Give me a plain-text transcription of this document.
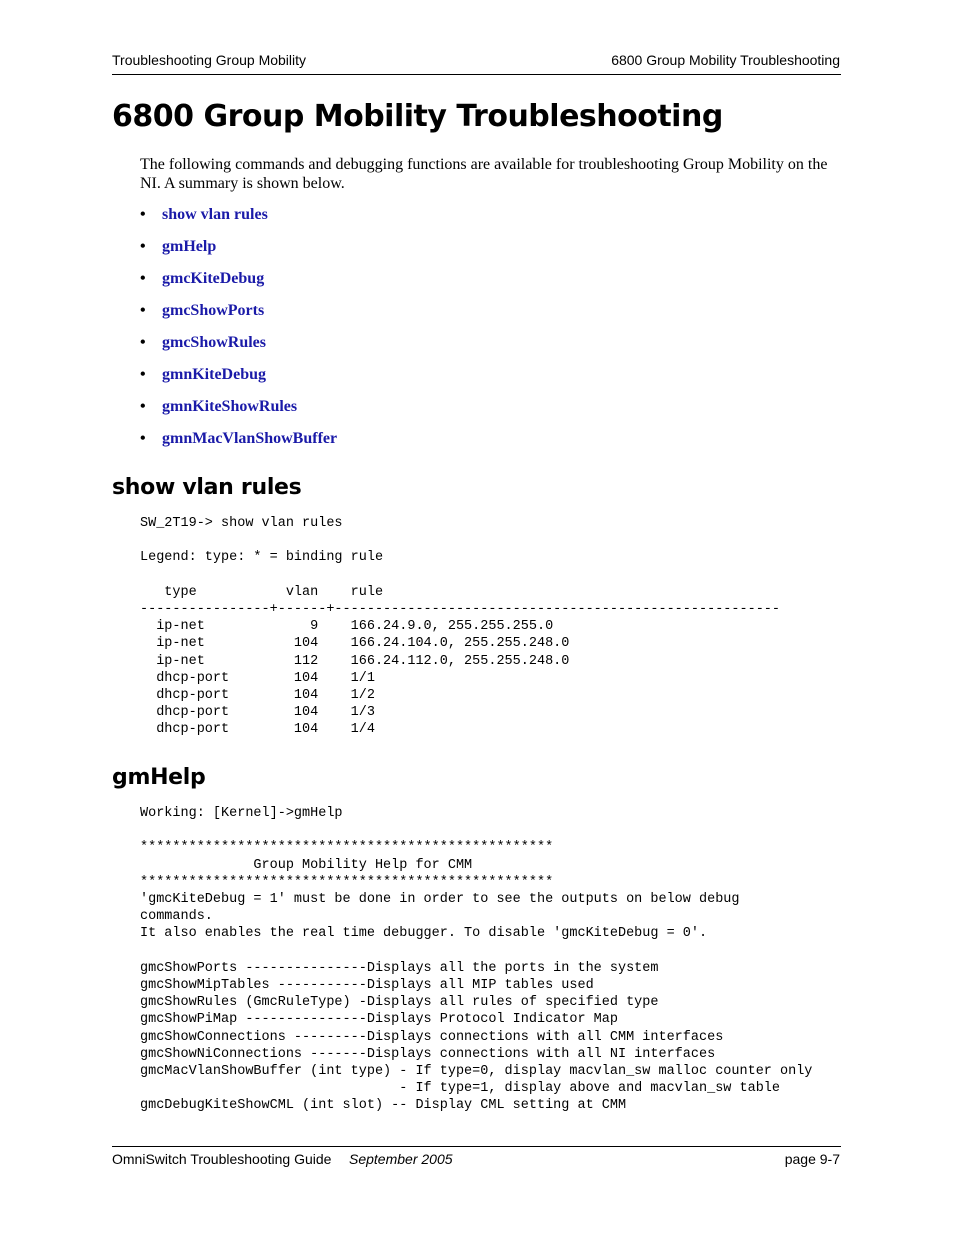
Troubleshooting Group Mobility	6800 Group Mobility Troubleshooting
6800 Group Mobility Troubleshooting

The following commands and debugging functions are available for troubleshooting Group Mobility on the NI. A summary is shown below.

• show vlan rules
• gmHelp
• gmcKiteDebug
• gmcShowPorts
• gmcShowRules
• gmnKiteDebug
• gmnKiteShowRules
• gmnMacVlanShowBuffer
show vlan rules
SW_2T19-> show vlan rules

Legend: type: * = binding rule

type           vlan    rule
----------------+------+-------------------------------------------------------
ip-net             9    166.24.9.0, 255.255.255.0
ip-net           104    166.24.104.0, 255.255.248.0
ip-net           112    166.24.112.0, 255.255.248.0
dhcp-port        104    1/1
dhcp-port        104    1/2
dhcp-port        104    1/3
dhcp-port        104    1/4
gmHelp
Working: [Kernel]->gmHelp

***************************************************
Group Mobility Help for CMM
***************************************************
'gmcKiteDebug = 1' must be done in order to see the outputs on below debug
commands.
It also enables the real time debugger. To disable 'gmcKiteDebug = 0'.

gmcShowPorts ---------------Displays all the ports in the system
gmcShowMipTables -----------Displays all MIP tables used
gmcShowRules (GmcRuleType) -Displays all rules of specified type
gmcShowPiMap ---------------Displays Protocol Indicator Map
gmcShowConnections ---------Displays connections with all CMM interfaces
gmcShowNiConnections -------Displays connections with all NI interfaces
gmcMacVlanShowBuffer (int type) - If type=0, display macvlan_sw malloc counter only
- If type=1, display above and macvlan_sw table
gmcDebugKiteShowCML (int slot) -- Display CML setting at CMM
OmniSwitch Troubleshooting Guide September 2005	page 9-7
